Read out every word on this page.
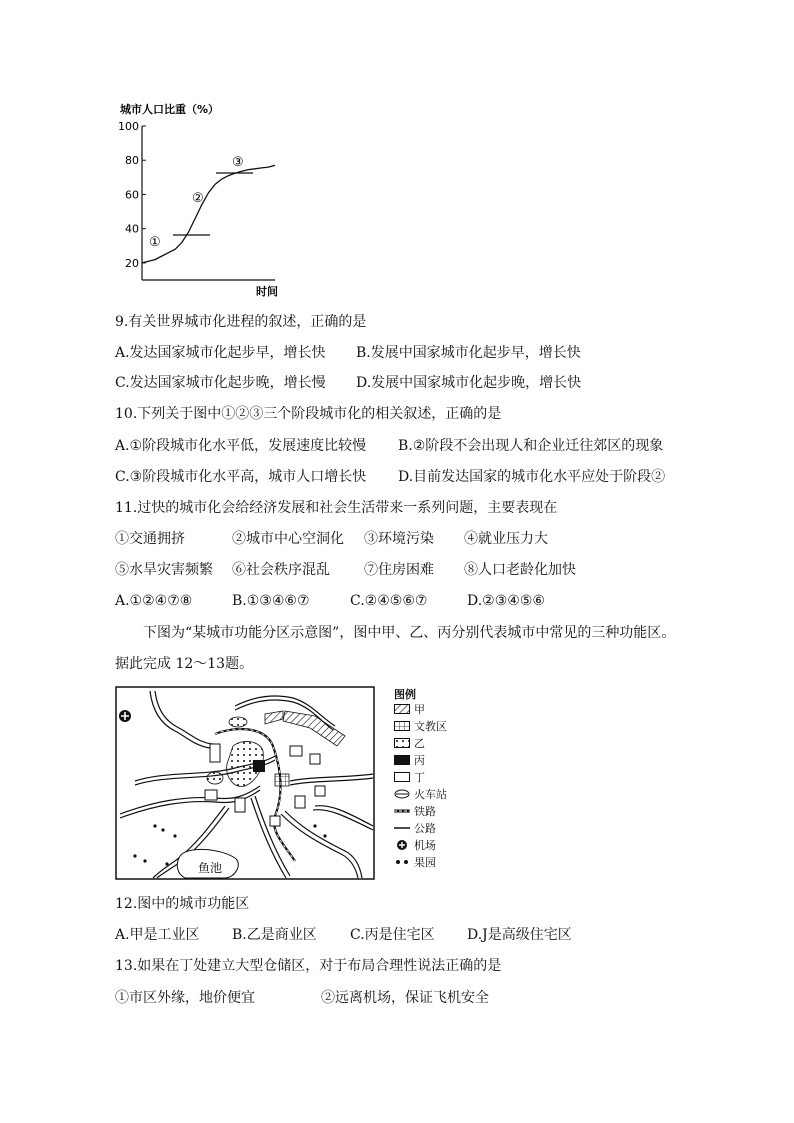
城市人口比重（%）
100
80
60
40
20
①
②
③
时间
9.有关世界城市化进程的叙述，正确的是
A.发达国家城市化起步早，增长快 B.发展中国家城市化起步早，增长快
C.发达国家城市化起步晚，增长慢 D.发展中国家城市化起步晚，增长快
10.下列关于图中①②③三个阶段城市化的相关叙述，正确的是
A.①阶段城市化水平低，发展速度比较慢 B.②阶段不会出现人和企业迁往郊区的现象
C.③阶段城市化水平高，城市人口增长快 D.目前发达国家的城市化水平应处于阶段②
11.过快的城市化会给经济发展和社会生活带来一系列问题，主要表现在
①交通拥挤	②城市中心空洞化 ③环境污染 ④就业压力大
⑤水旱灾害频繁 ⑥社会秩序混乱 ⑦住房困难 ⑧人口老龄化加快
A.①②④⑦⑧	B.①③④⑥⑦	C.②④⑤⑥⑦	D.②③④⑤⑥
下图为“某城市功能分区示意图”，图中甲、乙、丙分别代表城市中常见的三种功能区。
据此完成 12～13题。
鱼池
图例
甲
文教区
乙
丙
丁
火车站
铁路
公路
机场
果园
12.图中的城市功能区
A.甲是工业区 B.乙是商业区 C.丙是住宅区 D.J是高级住宅区
13.如果在丁处建立大型仓储区，对于布局合理性说法正确的是
①市区外缘，地价便宜	②远离机场，保证飞机安全
